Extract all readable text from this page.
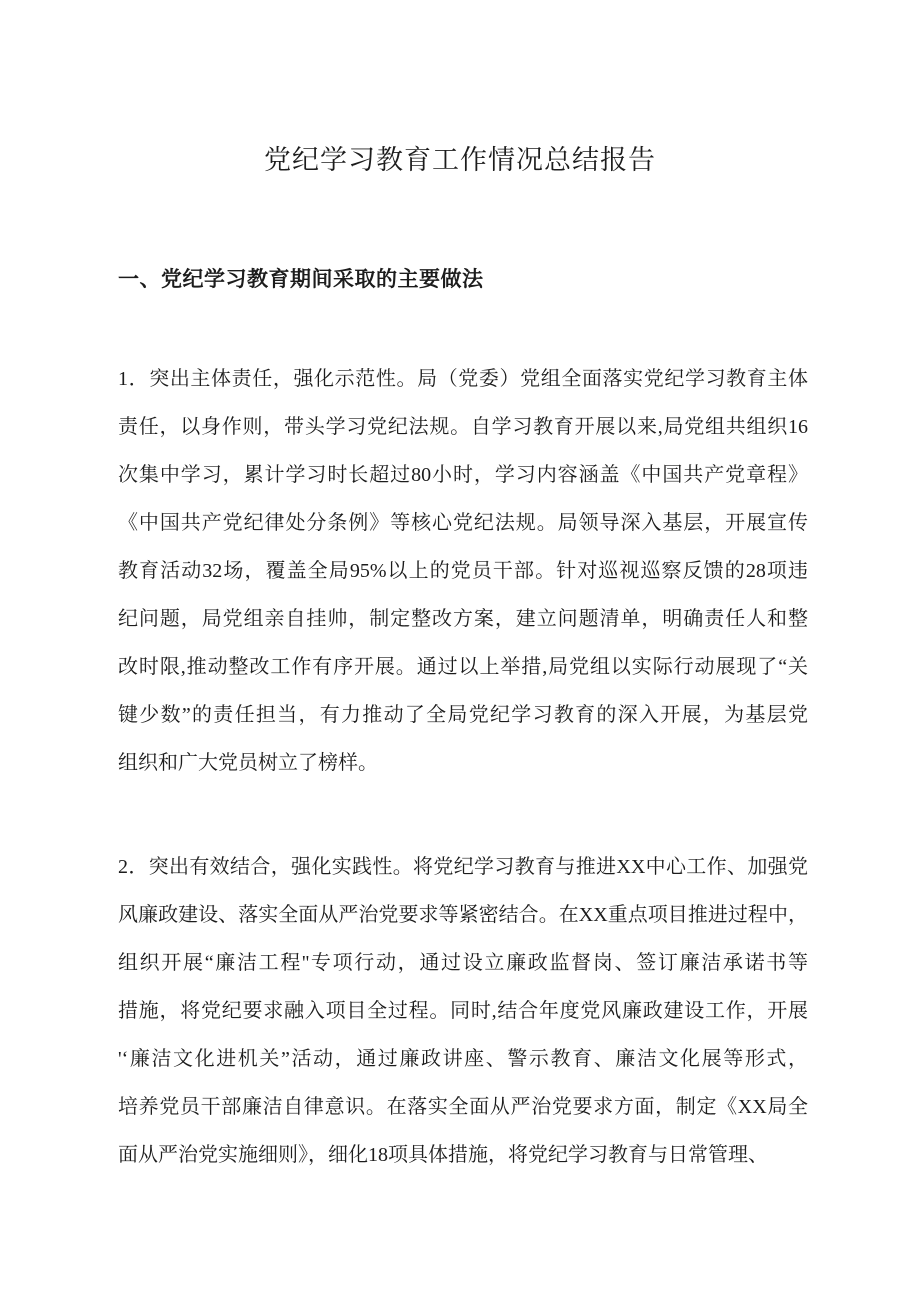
党纪学习教育工作情况总结报告
一、党纪学习教育期间采取的主要做法
1．突出主体责任，强化示范性。局（党委）党组全面落实党纪学习教育主体
责任，以身作则，带头学习党纪法规。自学习教育开展以来,局党组共组织16
次集中学习，累计学习时长超过80小时，学习内容涵盖《中国共产党章程》
《中国共产党纪律处分条例》等核心党纪法规。局领导深入基层，开展宣传
教育活动32场，覆盖全局95%以上的党员干部。针对巡视巡察反馈的28项违
纪问题，局党组亲自挂帅，制定整改方案，建立问题清单，明确责任人和整
改时限,推动整改工作有序开展。通过以上举措,局党组以实际行动展现了“关
键少数”的责任担当，有力推动了全局党纪学习教育的深入开展，为基层党
组织和广大党员树立了榜样。
2．突出有效结合，强化实践性。将党纪学习教育与推进XX中心工作、加强党
风廉政建设、落实全面从严治党要求等紧密结合。在XX重点项目推进过程中，
组织开展“廉洁工程''专项行动，通过设立廉政监督岗、签订廉洁承诺书等
措施，将党纪要求融入项目全过程。同时,结合年度党风廉政建设工作，开展
'‘廉洁文化进机关”活动，通过廉政讲座、警示教育、廉洁文化展等形式，
培养党员干部廉洁自律意识。在落实全面从严治党要求方面，制定《XX局全
面从严治党实施细则》，细化18项具体措施，将党纪学习教育与日常管理、
